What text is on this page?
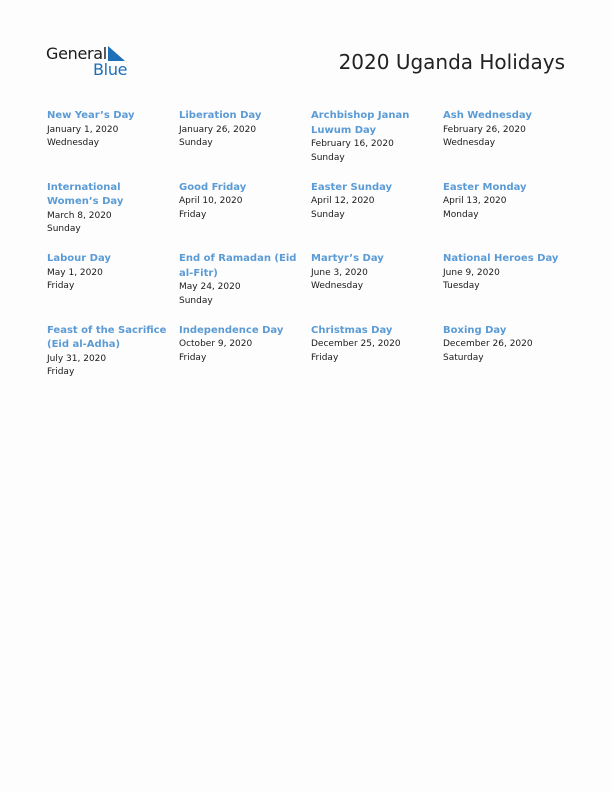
General
Blue	2020 Uganda Holidays
New Year’s Day
January 1, 2020
Wednesday
Liberation Day
January 26, 2020
Sunday
Archbishop Janan Luwum Day
February 16, 2020
Sunday
Ash Wednesday
February 26, 2020
Wednesday
International Women’s Day
March 8, 2020
Sunday
Good Friday
April 10, 2020
Friday
Easter Sunday
April 12, 2020
Sunday
Easter Monday
April 13, 2020
Monday
Labour Day
May 1, 2020
Friday
End of Ramadan (Eid al-Fitr)
May 24, 2020
Sunday
Martyr’s Day
June 3, 2020
Wednesday
National Heroes Day
June 9, 2020
Tuesday
Feast of the Sacrifice (Eid al-Adha)
July 31, 2020
Friday
Independence Day
October 9, 2020
Friday
Christmas Day
December 25, 2020
Friday
Boxing Day
December 26, 2020
Saturday
